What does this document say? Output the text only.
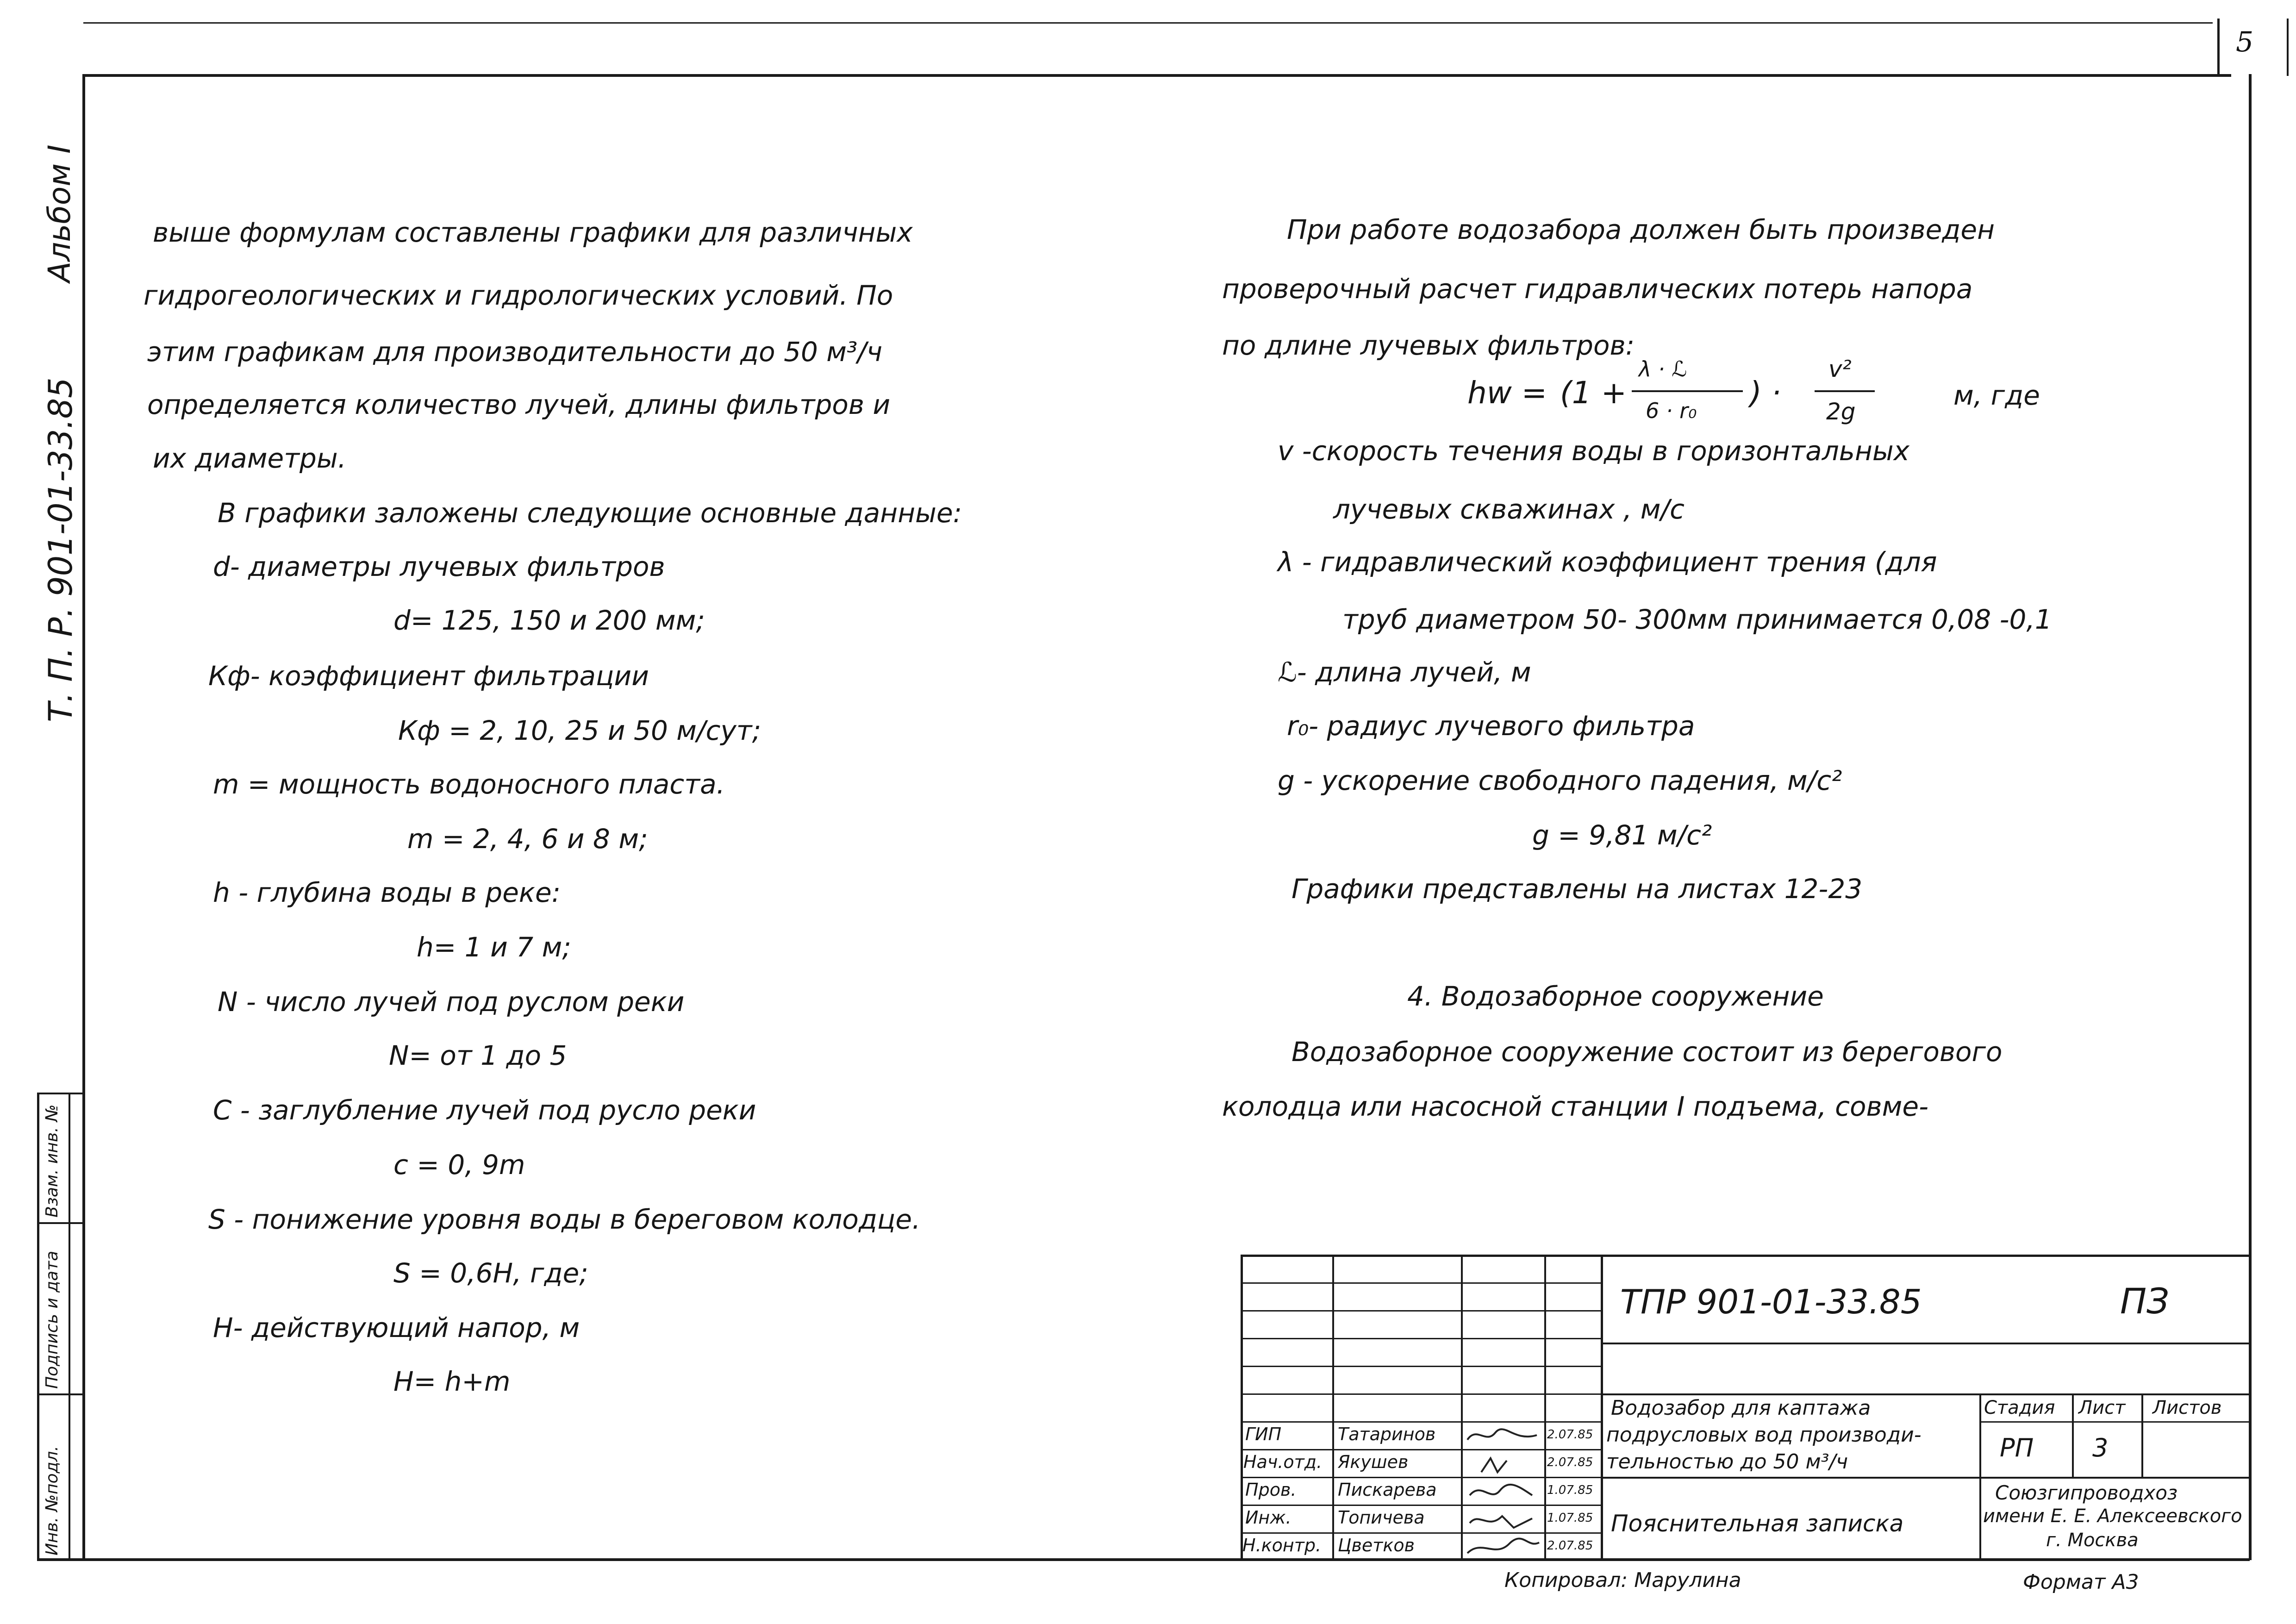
5
Альбом I
Т. П. Р. 901-01-33.85
Инв. №подл.
Подпись и дата
Взам. инв. №
выше формулам составлены графики для различных
гидрогеологических и гидрологических условий. По
этим графикам для производительности до 50 м³/ч
определяется количество лучей, длины фильтров и
их диаметры.
В графики заложены следующие основные данные:
d- диаметры лучевых фильтров
d= 125, 150 и 200 мм;
Кф- коэффициент фильтрации
Кф = 2, 10, 25 и 50 м/сут;
m = мощность водоносного пласта.
m = 2, 4, 6 и 8 м;
h - глубина воды в реке:
h= 1 и 7 м;
N - число лучей под руслом реки
N= от 1 до 5
С - заглубление лучей под русло реки
с = 0, 9m
S - понижение уровня воды в береговом колодце.
S = 0,6H, где;
H- действующий напор, м
H= h+m
При работе водозабора должен быть произведен
проверочный расчет гидравлических потерь напора
по длине лучевых фильтров:
hw = (1 +
λ · ℒ
6 · r₀ ) ·
v²
2g
м, где
v -скорость течения воды в горизонтальных
лучевых скважинах , м/с
λ - гидравлический коэффициент трения (для
труб диаметром 50- 300мм принимается 0,08 -0,1
ℒ- длина лучей, м
r₀- радиус лучевого фильтра
g - ускорение свободного падения, м/с²
g = 9,81 м/с²
Графики представлены на листах 12-23
4. Водозаборное сооружение
Водозаборное сооружение состоит из берегового
колодца или насосной станции I подъема, совме-
ТПР 901-01-33.85	ПЗ
Водозабор для каптажа
подрусловых вод производи-
тельностью до 50 м³/ч
Пояснительная записка
Стадия Лист Листов
РП 3
Союзгипроводхоз
имени Е. Е. Алексеевского
г. Москва
ГИП	Татаринов	2.07.85
Нач.отд. Якушев	2.07.85
Пров. Пискарева	1.07.85
Инж.	Топичева	1.07.85
Н.контр. Цветков	2.07.85
Копировал: Марулина	Формат А3
